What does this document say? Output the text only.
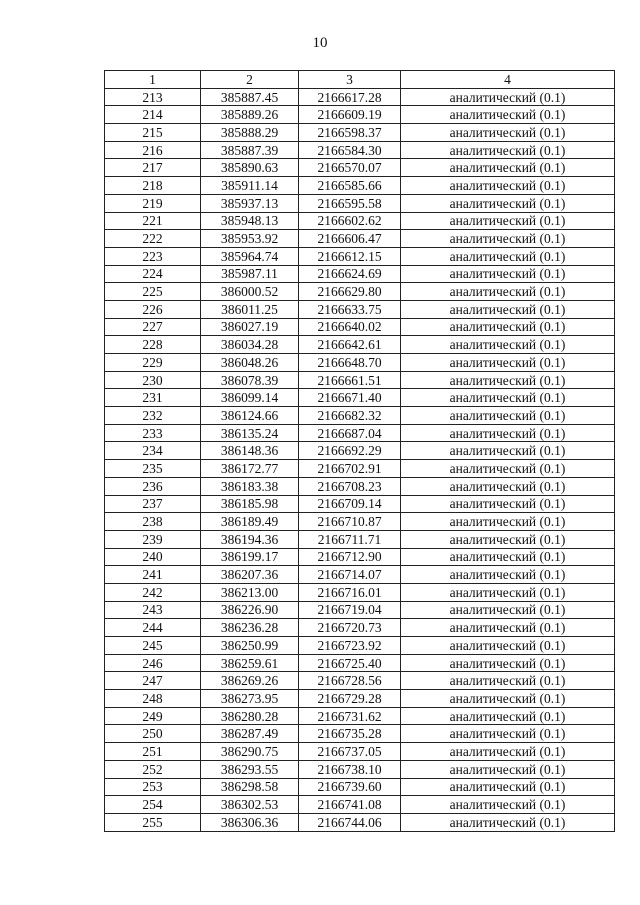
10
1	2	3	4
213	385887.45	2166617.28	аналитический (0.1)
214	385889.26	2166609.19	аналитический (0.1)
215	385888.29	2166598.37	аналитический (0.1)
216	385887.39	2166584.30	аналитический (0.1)
217	385890.63	2166570.07	аналитический (0.1)
218	385911.14	2166585.66	аналитический (0.1)
219	385937.13	2166595.58	аналитический (0.1)
221	385948.13	2166602.62	аналитический (0.1)
222	385953.92	2166606.47	аналитический (0.1)
223	385964.74	2166612.15	аналитический (0.1)
224	385987.11	2166624.69	аналитический (0.1)
225	386000.52	2166629.80	аналитический (0.1)
226	386011.25	2166633.75	аналитический (0.1)
227	386027.19	2166640.02	аналитический (0.1)
228	386034.28	2166642.61	аналитический (0.1)
229	386048.26	2166648.70	аналитический (0.1)
230	386078.39	2166661.51	аналитический (0.1)
231	386099.14	2166671.40	аналитический (0.1)
232	386124.66	2166682.32	аналитический (0.1)
233	386135.24	2166687.04	аналитический (0.1)
234	386148.36	2166692.29	аналитический (0.1)
235	386172.77	2166702.91	аналитический (0.1)
236	386183.38	2166708.23	аналитический (0.1)
237	386185.98	2166709.14	аналитический (0.1)
238	386189.49	2166710.87	аналитический (0.1)
239	386194.36	2166711.71	аналитический (0.1)
240	386199.17	2166712.90	аналитический (0.1)
241	386207.36	2166714.07	аналитический (0.1)
242	386213.00	2166716.01	аналитический (0.1)
243	386226.90	2166719.04	аналитический (0.1)
244	386236.28	2166720.73	аналитический (0.1)
245	386250.99	2166723.92	аналитический (0.1)
246	386259.61	2166725.40	аналитический (0.1)
247	386269.26	2166728.56	аналитический (0.1)
248	386273.95	2166729.28	аналитический (0.1)
249	386280.28	2166731.62	аналитический (0.1)
250	386287.49	2166735.28	аналитический (0.1)
251	386290.75	2166737.05	аналитический (0.1)
252	386293.55	2166738.10	аналитический (0.1)
253	386298.58	2166739.60	аналитический (0.1)
254	386302.53	2166741.08	аналитический (0.1)
255	386306.36	2166744.06	аналитический (0.1)
